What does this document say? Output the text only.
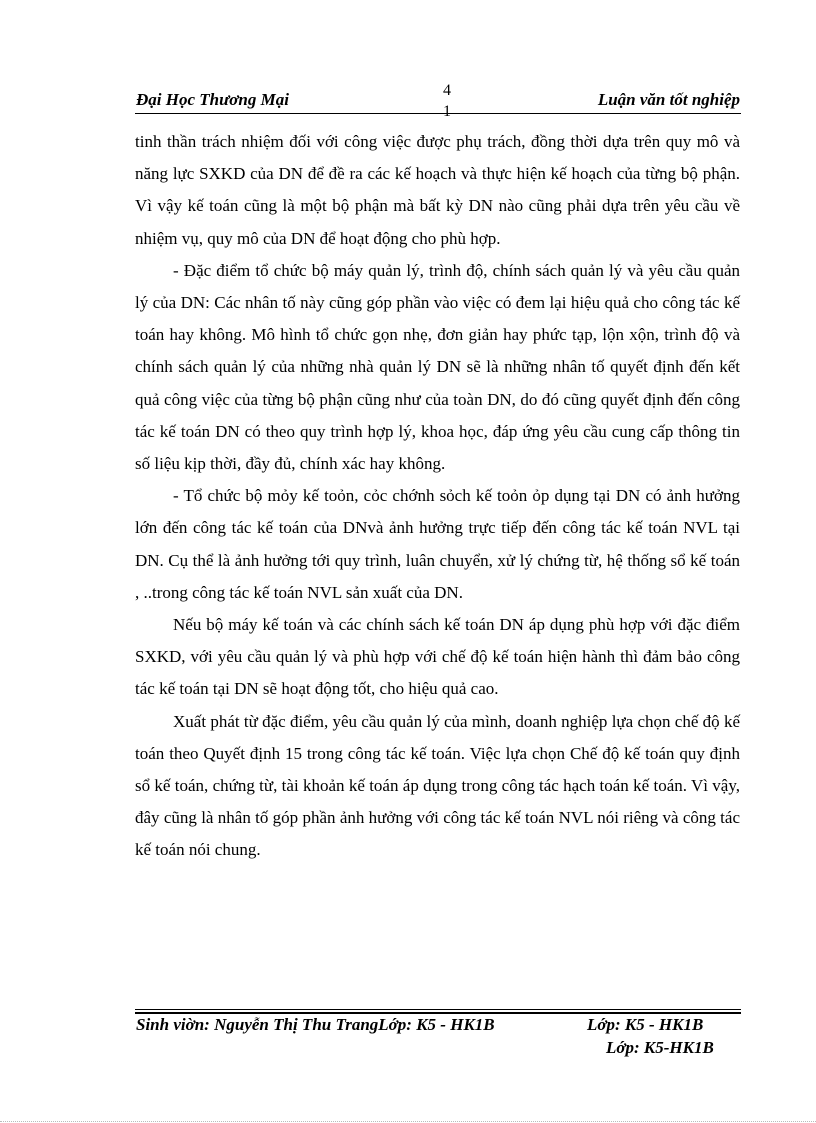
Đại Học Thương Mại	4
1
Luận văn tốt nghiệp

tinh thần trách nhiệm đối với công việc được phụ trách, đồng thời dựa trên quy mô và năng lực SXKD của DN để đề ra các kế hoạch và thực hiện kế hoạch của từng bộ phận. Vì vậy kế toán cũng là một bộ phận mà bất kỳ DN nào cũng phải dựa trên yêu cầu về nhiệm vụ, quy mô của DN để hoạt động cho phù hợp.

- Đặc điểm tổ chức bộ máy quản lý, trình độ, chính sách quản lý và yêu cầu quản lý của DN: Các nhân tố này cũng góp phần vào việc có đem lại hiệu quả cho công tác kế toán hay không. Mô hình tổ chức gọn nhẹ, đơn giản hay phức tạp, lộn xộn, trình độ và chính sách quản lý của những nhà quản lý DN sẽ là những nhân tố quyết định đến kết quả công việc của từng bộ phận cũng như của toàn DN, do đó cũng quyết định đến công tác kế toán DN có theo quy trình hợp lý, khoa học, đáp ứng yêu cầu cung cấp thông tin số liệu kịp thời, đầy đủ, chính xác hay không.

- Tổ chức bộ mỏy kế toỏn, cỏc chớnh sỏch kế toỏn ỏp dụng tại DN có ảnh hưởng lớn đến công tác kế toán của DNvà ảnh hưởng trực tiếp đến công tác kế toán NVL tại DN. Cụ thể là ảnh hưởng tới quy trình, luân chuyển, xử lý chứng từ, hệ thống sổ kế toán , ..trong công tác kế toán NVL sản xuất của DN.

Nếu bộ máy kế toán và các chính sách kế toán DN áp dụng phù hợp với đặc điểm SXKD, với yêu cầu quản lý và phù hợp với chế độ kế toán hiện hành thì đảm bảo công tác kế toán tại DN sẽ hoạt động tốt, cho hiệu quả cao.

Xuất phát từ đặc điểm, yêu cầu quản lý của mình, doanh nghiệp lựa chọn chế độ kế toán theo Quyết định 15 trong công tác kế toán. Việc lựa chọn Chế độ kế toán quy định sổ kế toán, chứng từ, tài khoản kế toán áp dụng trong công tác hạch toán kế toán. Vì vậy, đây cũng là nhân tố góp phần ảnh hưởng với công tác kế toán NVL nói riêng và công tác kế toán nói chung.

Sinh viờn: Nguyễn Thị Thu TrangLớp: K5 - HK1B	Lớp: K5 - HK1B
Lớp: K5-HK1B
